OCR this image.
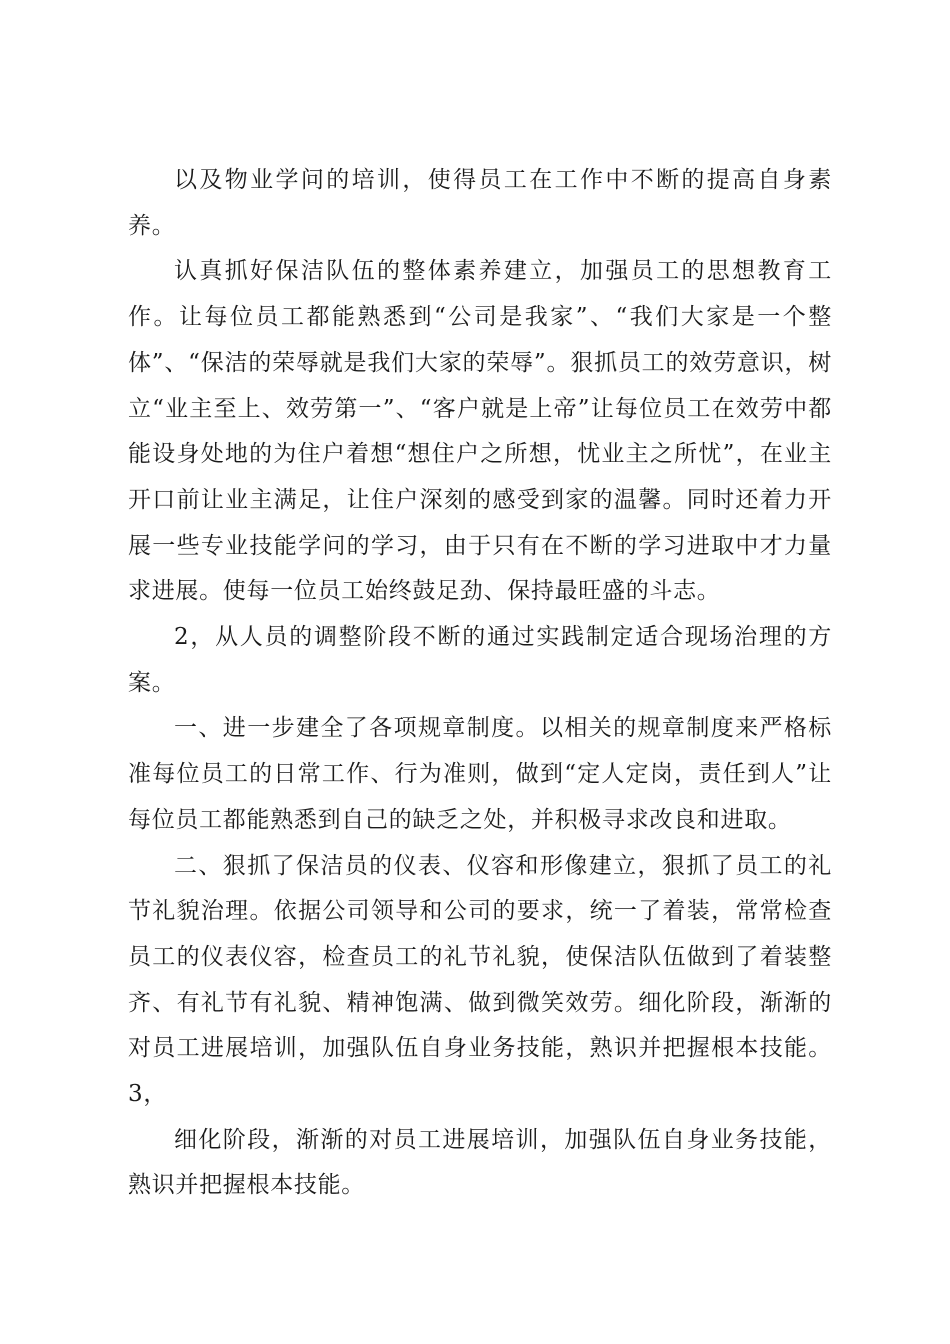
以及物业学问的培训，使得员工在工作中不断的提高自身素养。

认真抓好保洁队伍的整体素养建立，加强员工的思想教育工作。让每位员工都能熟悉到“公司是我家”、“我们大家是一个整体”、“保洁的荣辱就是我们大家的荣辱”。狠抓员工的效劳意识，树立“业主至上、效劳第一”、“客户就是上帝”让每位员工在效劳中都能设身处地的为住户着想“想住户之所想，忧业主之所忧”，在业主开口前让业主满足，让住户深刻的感受到家的温馨。同时还着力开展一些专业技能学问的学习，由于只有在不断的学习进取中才力量求进展。使每一位员工始终鼓足劲、保持最旺盛的斗志。

2，从人员的调整阶段不断的通过实践制定适合现场治理的方案。

一、进一步建全了各项规章制度。以相关的规章制度来严格标准每位员工的日常工作、行为准则，做到“定人定岗，责任到人”让每位员工都能熟悉到自己的缺乏之处，并积极寻求改良和进取。

二、狠抓了保洁员的仪表、仪容和形像建立，狠抓了员工的礼节礼貌治理。依据公司领导和公司的要求，统一了着装，常常检查员工的仪表仪容，检查员工的礼节礼貌，使保洁队伍做到了着装整齐、有礼节有礼貌、精神饱满、做到微笑效劳。细化阶段，渐渐的对员工进展培训，加强队伍自身业务技能，熟识并把握根本技能。3，

细化阶段，渐渐的对员工进展培训，加强队伍自身业务技能，熟识并把握根本技能。
